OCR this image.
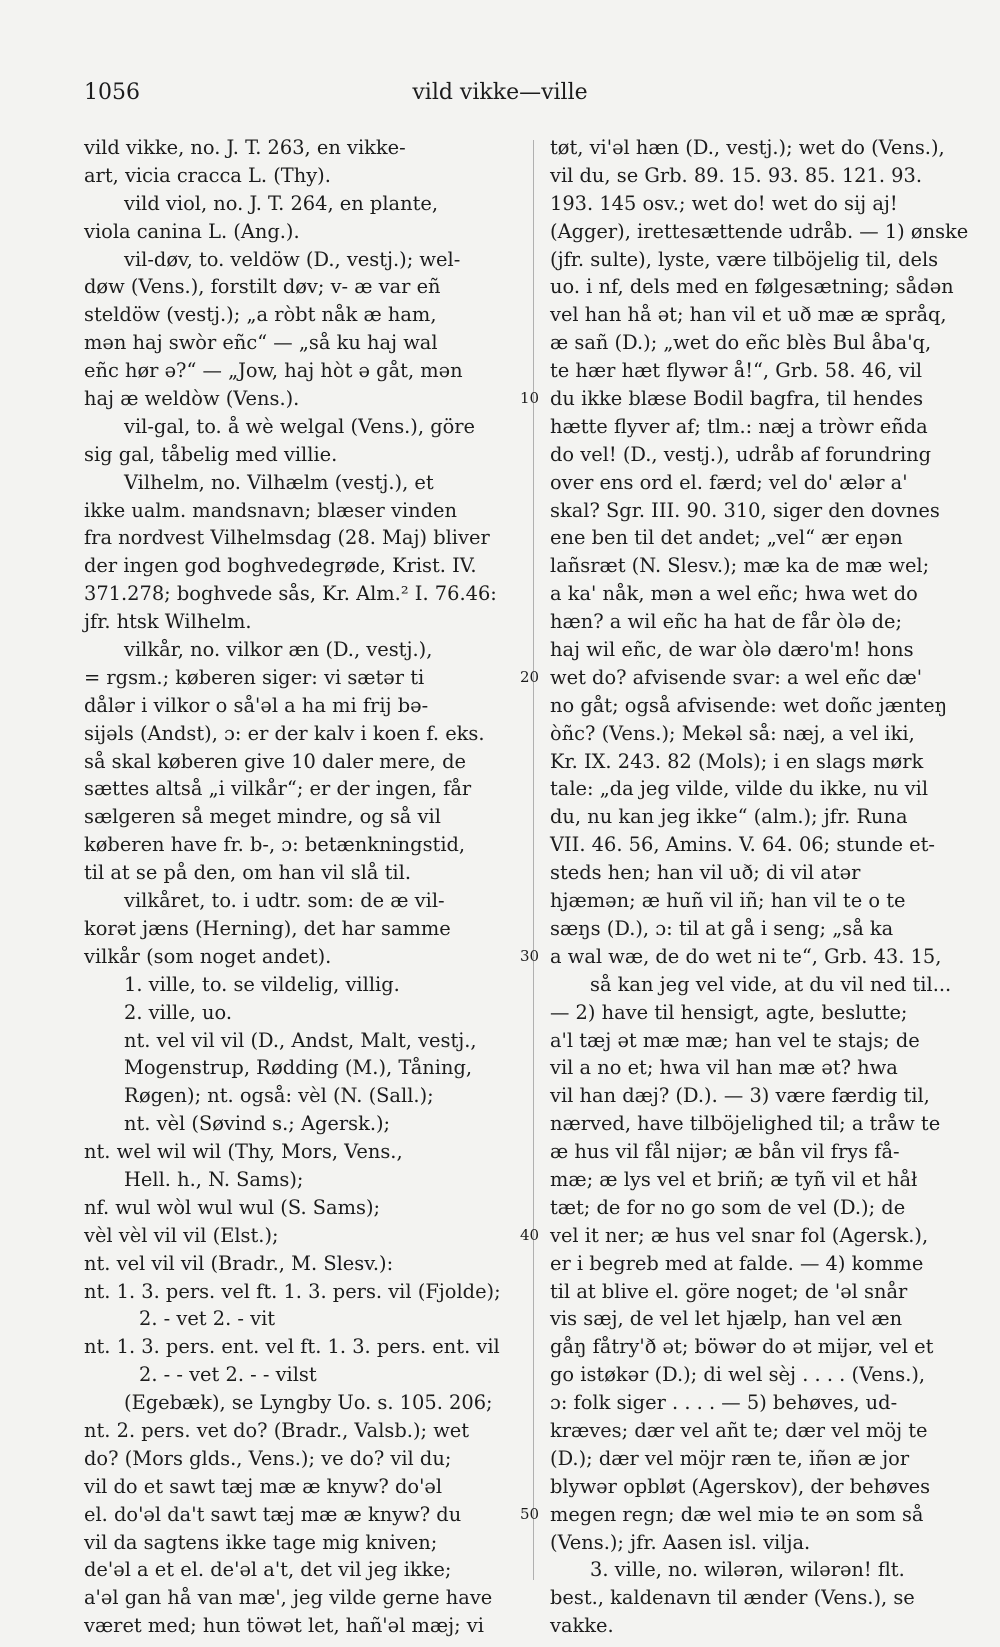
1056	vild vikke—ville
vild vikke, no. J. T. 263, en vikke-
art, vicia cracca L. (Thy).
vild viol, no. J. T. 264, en plante,
viola canina L. (Ang.).
vil-døv, to. veldöw (D., vestj.); wel-
døw (Vens.), forstilt døv; v- æ var eñ
steldöw (vestj.); „a ròbt nåk æ ham,
mən haj swòr eñc“ — „så ku haj wal
eñc hør ə?“ — „Jow, haj hòt ə gåt, mən
haj æ weldòw (Vens.).
vil-gal, to. å wè welgal (Vens.), göre
sig gal, tåbelig med villie.
Vilhelm, no. Vilhælm (vestj.), et
ikke ualm. mandsnavn; blæser vinden
fra nordvest Vilhelmsdag (28. Maj) bliver
der ingen god boghvedegrøde, Krist. IV.
371.278; boghvede sås, Kr. Alm.² I. 76.46:
jfr. htsk Wilhelm.
vilkår, no. vilkor æn (D., vestj.),
= rgsm.; køberen siger: vi sætər ti
dålər i vilkor o så'əl a ha mi frij bə-
sijəls (Andst), ɔ: er der kalv i koen f. eks.
så skal køberen give 10 daler mere, de
sættes altså „i vilkår“; er der ingen, får
sælgeren så meget mindre, og så vil
køberen have fr. b-, ɔ: betænkningstid,
til at se på den, om han vil slå til.
vilkåret, to. i udtr. som: de æ vil-
korət jæns (Herning), det har samme
vilkår (som noget andet).
1. ville, to. se vildelig, villig.
2. ville, uo.
nt. vel vil vil (D., Andst, Malt, vestj.,
Mogenstrup, Rødding (M.), Tåning,
Røgen); nt. også: vèl (N. (Sall.);
nt. vèl (Søvind s.; Agersk.);
nt. wel wil wil (Thy, Mors, Vens.,
Hell. h., N. Sams);
nf. wul wòl wul wul (S. Sams);
vèl vèl vil vil (Elst.);
nt. vel vil vil (Bradr., M. Slesv.):
nt. 1. 3. pers. vel ft. 1. 3. pers. vil (Fjolde);
2. - vet 2. - vit
nt. 1. 3. pers. ent. vel ft. 1. 3. pers. ent. vil
2. - - vet 2. - - vilst
(Egebæk), se Lyngby Uo. s. 105. 206;
nt. 2. pers. vet do? (Bradr., Valsb.); wet
do? (Mors glds., Vens.); ve do? vil du;
vil do et sawt tæj mæ æ knyw? do'əl
el. do'əl da't sawt tæj mæ æ knyw? du
vil da sagtens ikke tage mig kniven;
de'əl a et el. de'əl a't, det vil jeg ikke;
a'əl gan hå van mæ', jeg vilde gerne have
været med; hun töwət let, hañ'əl mæj; vi
10
20
30
40
50
tøt, vi'əl hæn (D., vestj.); wet do (Vens.),
vil du, se Grb. 89. 15. 93. 85. 121. 93.
193. 145 osv.; wet do! wet do sij aj!
(Agger), irettesættende udråb. — 1) ønske
(jfr. sulte), lyste, være tilböjelig til, dels
uo. i nf, dels med en følgesætning; sådən
vel han hå ət; han vil et uð mæ æ språq,
æ sañ (D.); „wet do eñc blès Bul åba'q,
te hær hæt flywər å!“, Grb. 58. 46, vil
du ikke blæse Bodil bagfra, til hendes
hætte flyver af; tlm.: næj a tròwr eñda
do vel! (D., vestj.), udråb af forundring
over ens ord el. færd; vel do' ælər a'
skal? Sgr. III. 90. 310, siger den dovnes
ene ben til det andet; „vel“ ær eŋən
lañsræt (N. Slesv.); mæ ka de mæ wel;
a ka' nåk, mən a wel eñc; hwa wet do
hæn? a wil eñc ha hat de får òlə de;
haj wil eñc, de war òlə dæro'm! hons
wet do? afvisende svar: a wel eñc dæ'
no gåt; også afvisende: wet doñc jænteŋ
òñc? (Vens.); Mekəl så: næj, a vel iki,
Kr. IX. 243. 82 (Mols); i en slags mørk
tale: „da jeg vilde, vilde du ikke, nu vil
du, nu kan jeg ikke“ (alm.); jfr. Runa
VII. 46. 56, Amins. V. 64. 06; stunde et-
steds hen; han vil uð; di vil atər
hjæmən; æ huñ vil iñ; han vil te o te
sæŋs (D.), ɔ: til at gå i seng; „så ka
a wal wæ, de do wet ni te“, Grb. 43. 15,
så kan jeg vel vide, at du vil ned til...
— 2) have til hensigt, agte, beslutte;
a'l tæj ət mæ mæ; han vel te stajs; de
vil a no et; hwa vil han mæ ət? hwa
vil han dæj? (D.). — 3) være færdig til,
nærved, have tilböjelighed til; a tråw te
æ hus vil fål nijər; æ bån vil frys få-
mæ; æ lys vel et briñ; æ tyñ vil et håł
tæt; de for no go som de vel (D.); de
vel it ner; æ hus vel snar fol (Agersk.),
er i begreb med at falde. — 4) komme
til at blive el. göre noget; de 'əl snår
vis sæj, de vel let hjælp, han vel æn
gåŋ fåtry'ð ət; böwər do ət mijər, vel et
go istøkər (D.); di wel sèj . . . . (Vens.),
ɔ: folk siger . . . . — 5) behøves, ud-
kræves; dær vel añt te; dær vel möj te
(D.); dær vel möjr ræn te, iñən æ jor
blywər opbløt (Agerskov), der behøves
megen regn; dæ wel miə te ən som så
(Vens.); jfr. Aasen isl. vilja.
3. ville, no. wilərən, wilərən! flt.
best., kaldenavn til ænder (Vens.), se
vakke.
